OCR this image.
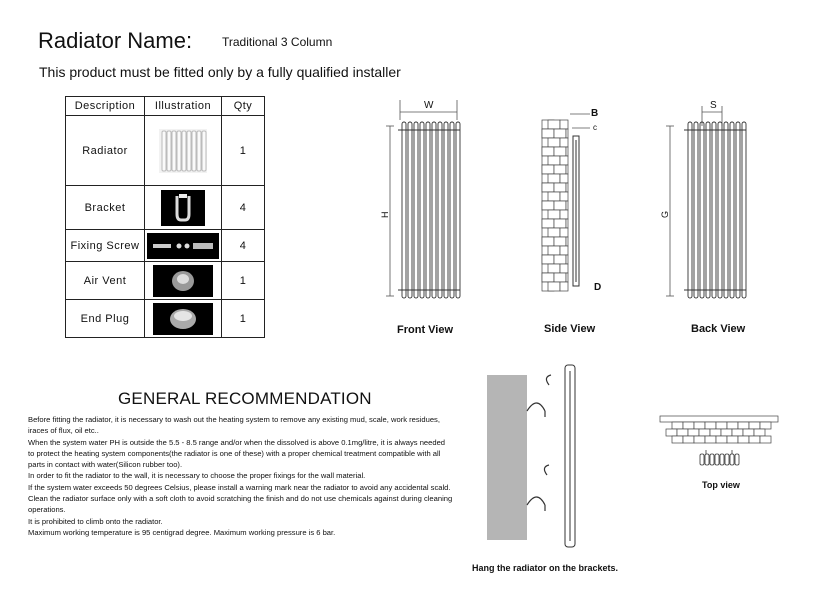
Radiator Name: Traditional 3 Column
This product must be fitted only by a fully qualified installer
Description	Illustration	Qty
Radiator		1
Bracket		4
Fixing Screw		4
Air Vent		1
End Plug		1
W
H
Front View
B
c
D
Side View
S
G
Back View
GENERAL RECOMMENDATION
Before fitting the radiator, it is necessary to wash out the heating system to remove any existing mud, scale, work residues,
iraces of flux, oil etc..
When the system water PH is outside the 5.5 - 8.5 range and/or when the dissolved is above 0.1mg/litre, it is always needed
to protect the heating system components(the radiator is one of these) with a proper chemical treatment compatible with all
parts in contact with water(Silicon rubber too).
In order to fit the radiator to the wall, it is necessary to choose the proper fixings for the wall material.
If the system water exceeds 50 degrees Celsius, please install a warning mark near the radiator to avoid any accidental scald.
Clean the radiator surface only with a soft cloth to avoid scratching the finish and do not use chemicals against during cleaning
operations.
It is prohibited to climb onto the radiator.
Maximum working temperature is 95 centigrad degree. Maximum working pressure is 6 bar.
Hang the radiator on the brackets.
Top view
